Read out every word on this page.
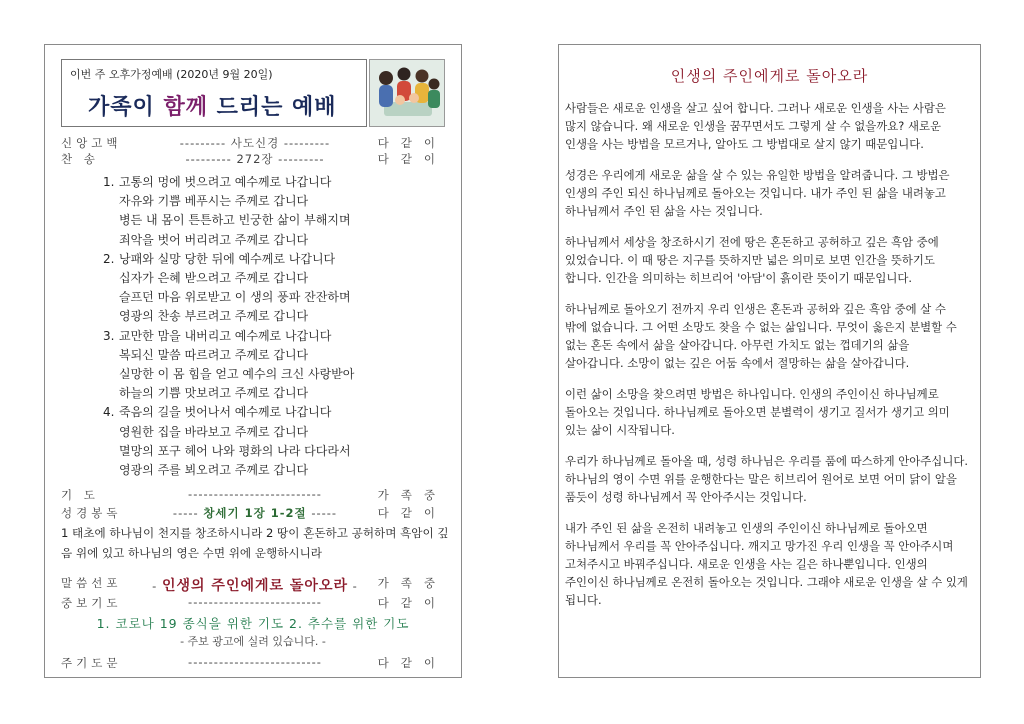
이번 주 오후가정예배 (2020년 9월 20일)
가족이 함께 드리는 예배
신앙고백	--------- 사도신경 ---------	다같이
찬 송	--------- 272장 ---------	다같이
1. 고통의 멍에 벗으려고 예수께로 나갑니다
자유와 기쁨 베푸시는 주께로 갑니다
병든 내 몸이 튼튼하고 빈궁한 삶이 부해지며
죄악을 벗어 버리려고 주께로 갑니다
2. 낭패와 실망 당한 뒤에 예수께로 나갑니다
십자가 은혜 받으려고 주께로 갑니다
슬프던 마음 위로받고 이 생의 풍파 잔잔하며
영광의 찬송 부르려고 주께로 갑니다
3. 교만한 맘을 내버리고 예수께로 나갑니다
복되신 말씀 따르려고 주께로 갑니다
실망한 이 몸 힘을 얻고 예수의 크신 사랑받아
하늘의 기쁨 맛보려고 주께로 갑니다
4. 죽음의 길을 벗어나서 예수께로 나갑니다
영원한 집을 바라보고 주께로 갑니다
멸망의 포구 헤어 나와 평화의 나라 다다라서
영광의 주를 뵈오려고 주께로 갑니다
기 도	--------------------------	가족중
성경봉독	----- 창세기 1장 1-2절 -----	다같이
1 태초에 하나님이 천지를 창조하시니라 2 땅이 혼돈하고 공허하며 흑암이 깊음 위에 있고 하나님의 영은 수면 위에 운행하시니라
말씀선포	- 인생의 주인에게로 돌아오라 -	가족중
중보기도	--------------------------	다같이
1. 코로나 19 종식을 위한 기도 2. 추수를 위한 기도
- 주보 광고에 실려 있습니다. -
주기도문	--------------------------	다같이
인생의 주인에게로 돌아오라

사람들은 새로운 인생을 살고 싶어 합니다. 그러나 새로운 인생을 사는 사람은 많지 않습니다. 왜 새로운 인생을 꿈꾸면서도 그렇게 살 수 없을까요? 새로운 인생을 사는 방법을 모르거나, 알아도 그 방법대로 살지 않기 때문입니다.

성경은 우리에게 새로운 삶을 살 수 있는 유일한 방법을 알려줍니다. 그 방법은 인생의 주인 되신 하나님께로 돌아오는 것입니다. 내가 주인 된 삶을 내려놓고 하나님께서 주인 된 삶을 사는 것입니다.

하나님께서 세상을 창조하시기 전에 땅은 혼돈하고 공허하고 깊은 흑암 중에 있었습니다. 이 때 땅은 지구를 뜻하지만 넓은 의미로 보면 인간을 뜻하기도 합니다. 인간을 의미하는 히브리어 '아담'이 흙이란 뜻이기 때문입니다.

하나님께로 돌아오기 전까지 우리 인생은 혼돈과 공허와 깊은 흑암 중에 살 수 밖에 없습니다. 그 어떤 소망도 찾을 수 없는 삶입니다. 무엇이 옳은지 분별할 수 없는 혼돈 속에서 삶을 살아갑니다. 아무런 가치도 없는 껍데기의 삶을 살아갑니다. 소망이 없는 깊은 어둠 속에서 절망하는 삶을 살아갑니다.

이런 삶이 소망을 찾으려면 방법은 하나입니다. 인생의 주인이신 하나님께로 돌아오는 것입니다. 하나님께로 돌아오면 분별력이 생기고 질서가 생기고 의미 있는 삶이 시작됩니다.

우리가 하나님께로 돌아올 때, 성령 하나님은 우리를 품에 따스하게 안아주십니다. 하나님의 영이 수면 위를 운행한다는 말은 히브리어 원어로 보면 어미 닭이 알을 품듯이 성령 하나님께서 꼭 안아주시는 것입니다.

내가 주인 된 삶을 온전히 내려놓고 인생의 주인이신 하나님께로 돌아오면 하나님께서 우리를 꼭 안아주십니다. 깨지고 망가진 우리 인생을 꼭 안아주시며 고쳐주시고 바꿔주십니다. 새로운 인생을 사는 길은 하나뿐입니다. 인생의 주인이신 하나님께로 온전히 돌아오는 것입니다. 그래야 새로운 인생을 살 수 있게 됩니다.
